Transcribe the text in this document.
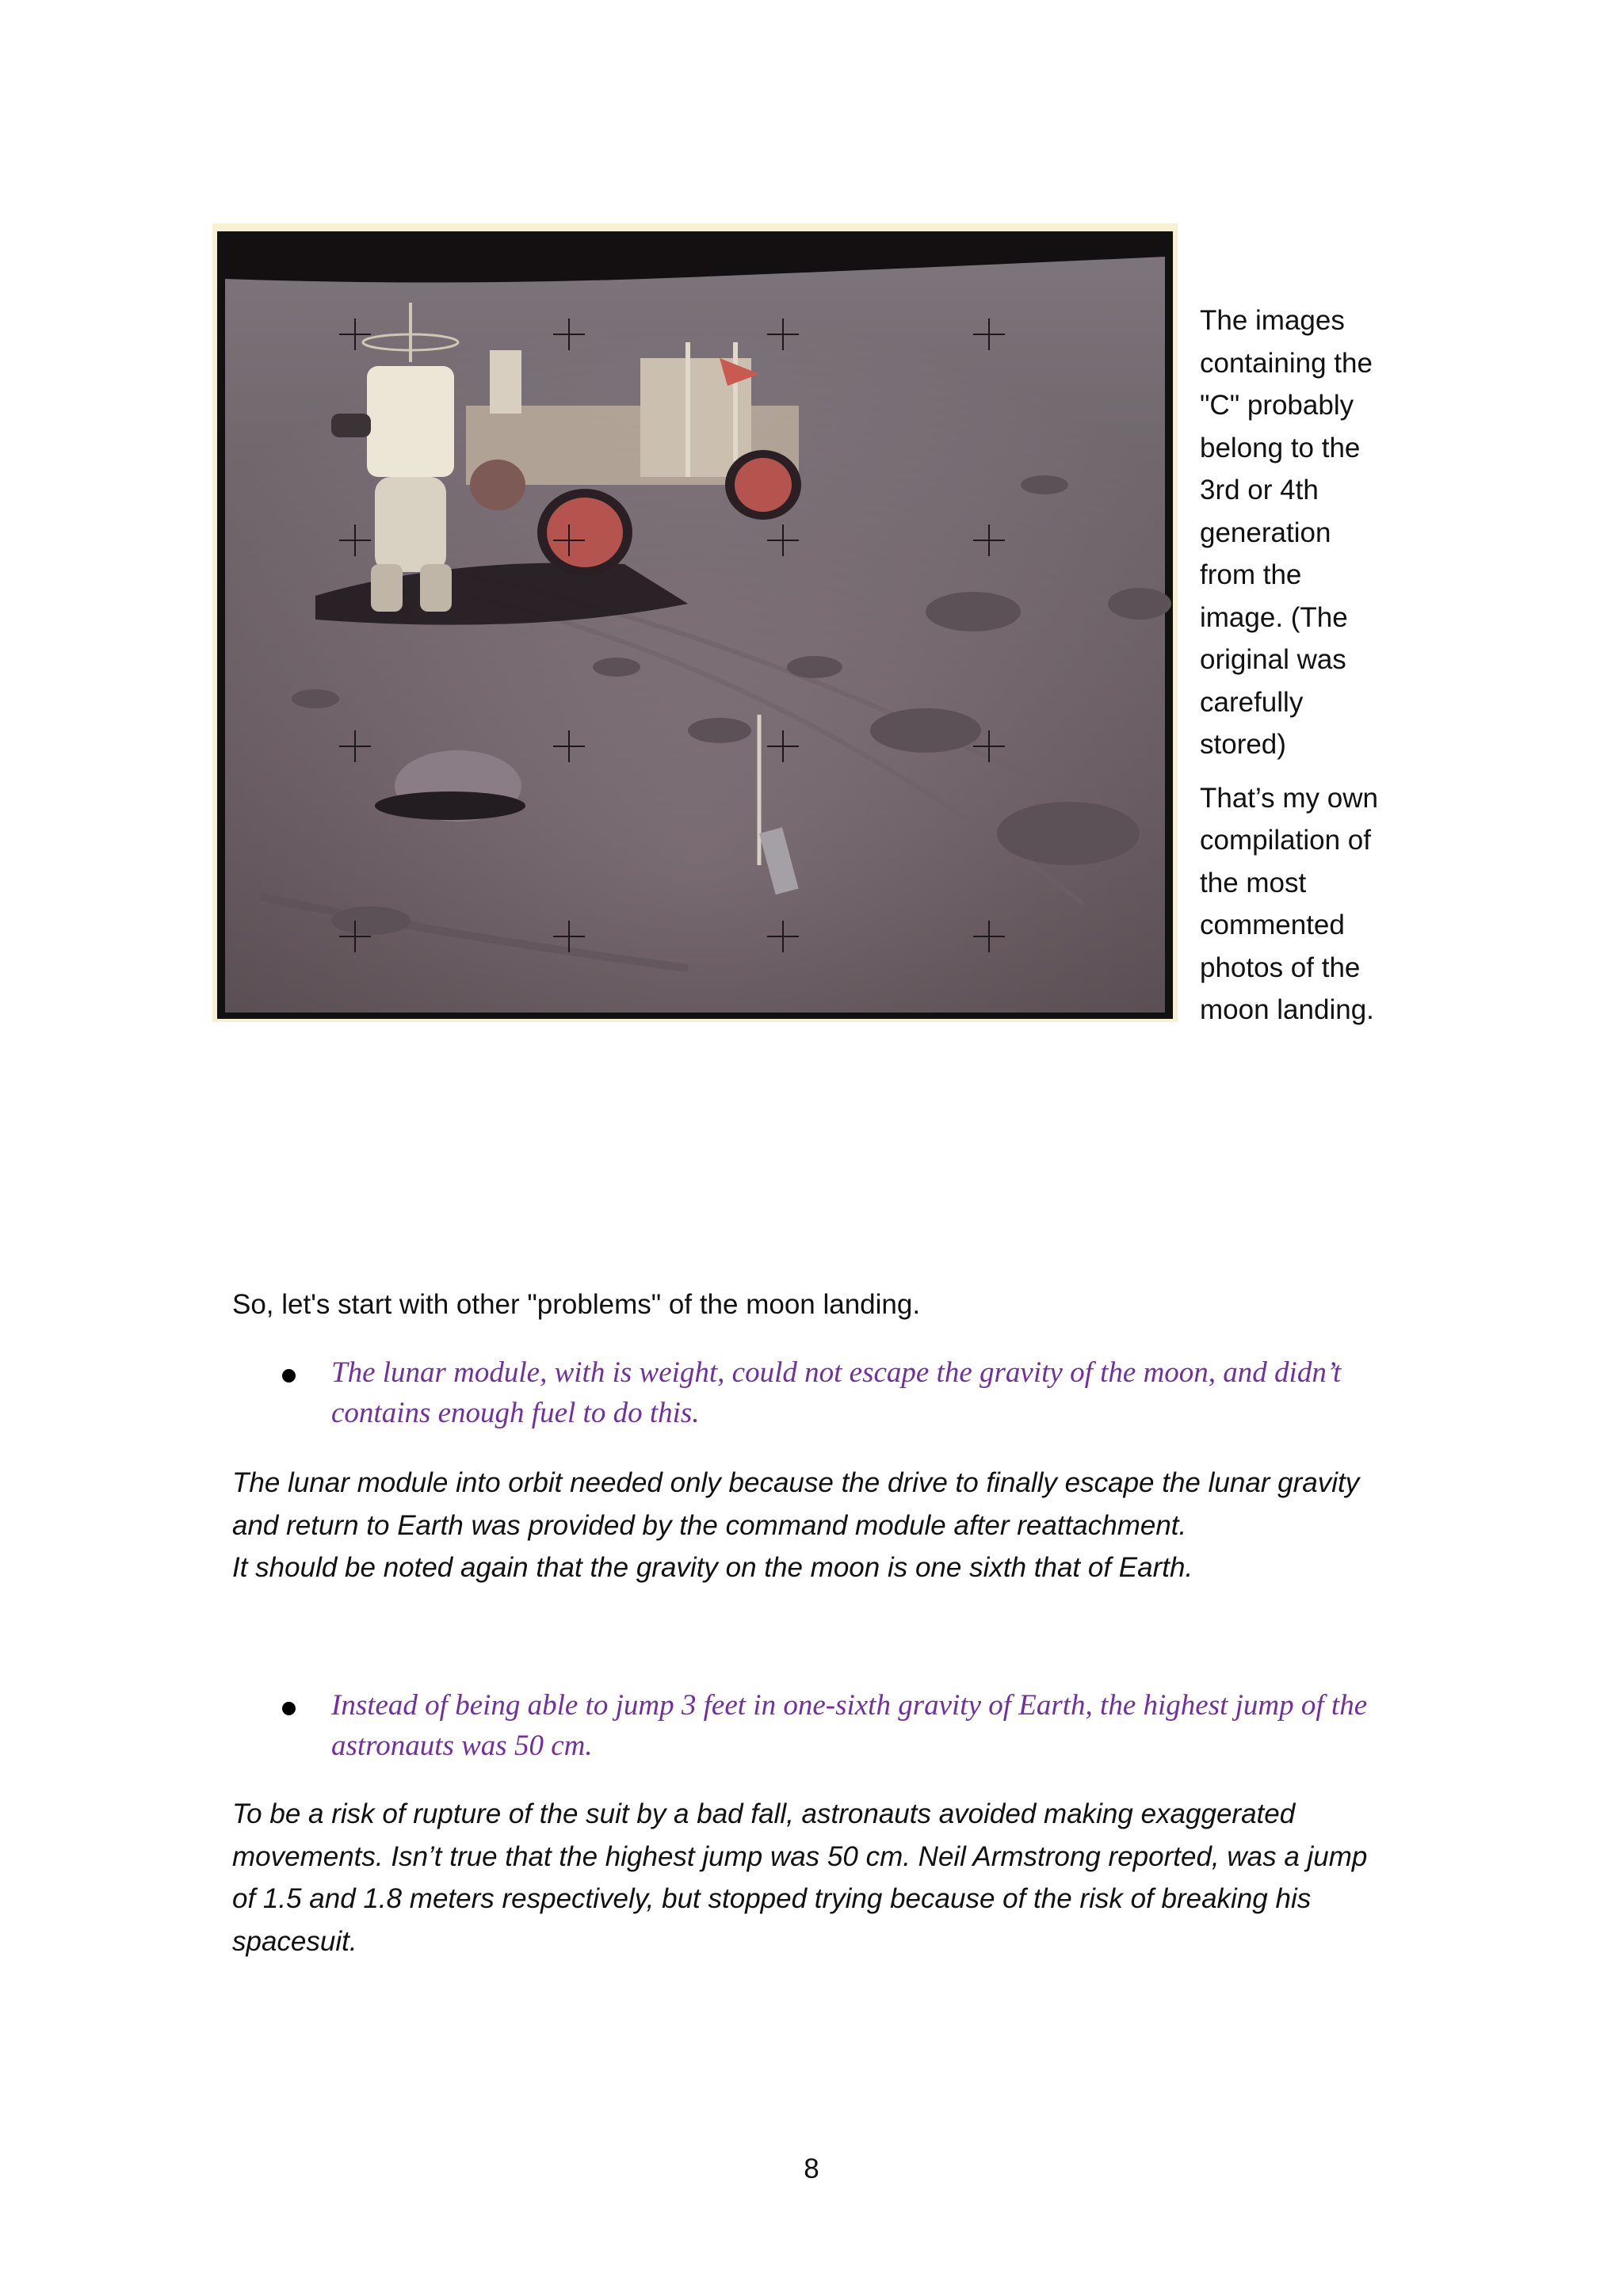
The images containing the "C" probably belong to the 3rd or 4th generation from the image. (The original was carefully stored)

That’s my own compilation of the most commented photos of the moon landing.

So, let's start with other "problems" of the moon landing.
The lunar module, with is weight, could not escape the gravity of the moon, and didn’t contains enough fuel to do this.

The lunar module into orbit needed only because the drive to finally escape the lunar gravity and return to Earth was provided by the command module after reattachment.

It should be noted again that the gravity on the moon is one sixth that of Earth.

Instead of being able to jump 3 feet in one-sixth gravity of Earth, the highest jump of the astronauts was 50 cm.

To be a risk of rupture of the suit by a bad fall, astronauts avoided making exaggerated movements. Isn’t true that the highest jump was 50 cm. Neil Armstrong reported, was a jump of 1.5 and 1.8 meters respectively, but stopped trying because of the risk of breaking his spacesuit.

8
